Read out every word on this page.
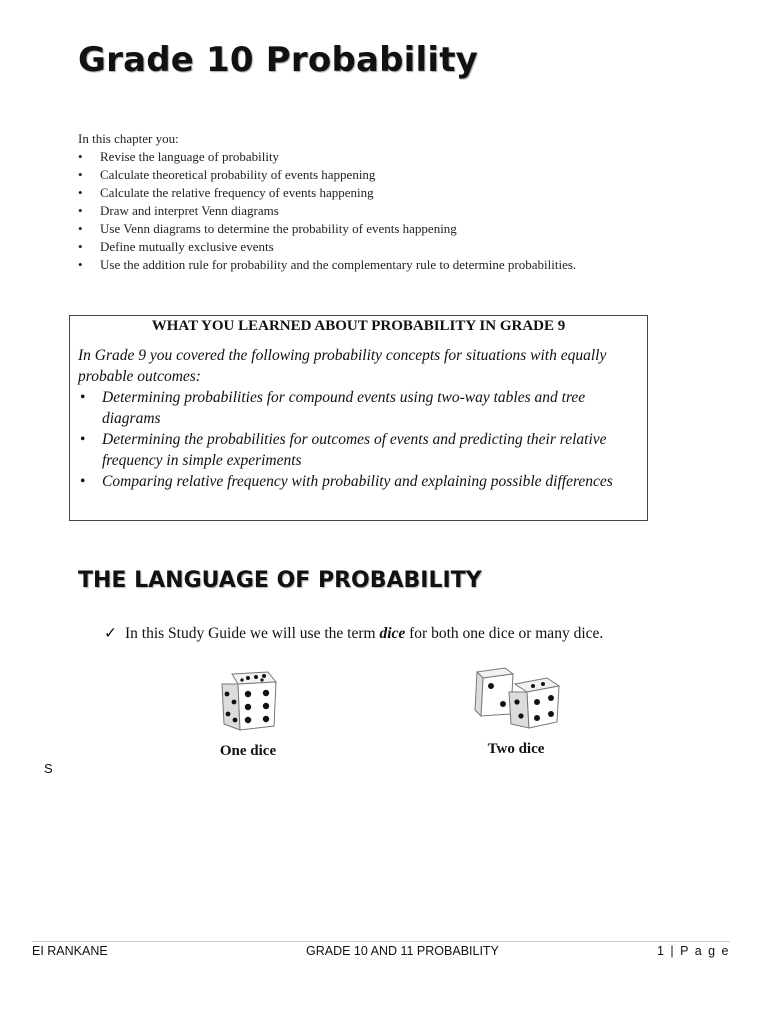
Grade 10 Probability
In this chapter you:
• Revise the language of probability
• Calculate theoretical probability of events happening
• Calculate the relative frequency of events happening
• Draw and interpret Venn diagrams
• Use Venn diagrams to determine the probability of events happening
• Define mutually exclusive events
• Use the addition rule for probability and the complementary rule to determine probabilities.

WHAT YOU LEARNED ABOUT PROBABILITY IN GRADE 9

In Grade 9 you covered the following probability concepts for situations with equally probable outcomes:

• Determining probabilities for compound events using two-way tables and tree diagrams
• Determining the probabilities for outcomes of events and predicting their relative frequency in simple experiments
• Comparing relative frequency with probability and explaining possible differences
THE LANGUAGE OF PROBABILITY
✓ In this Study Guide we will use the term dice for both one dice or many dice.
One dice	Two dice
S
EI RANKANE	GRADE 10 AND 11 PROBABILITY	1 | P a g e
